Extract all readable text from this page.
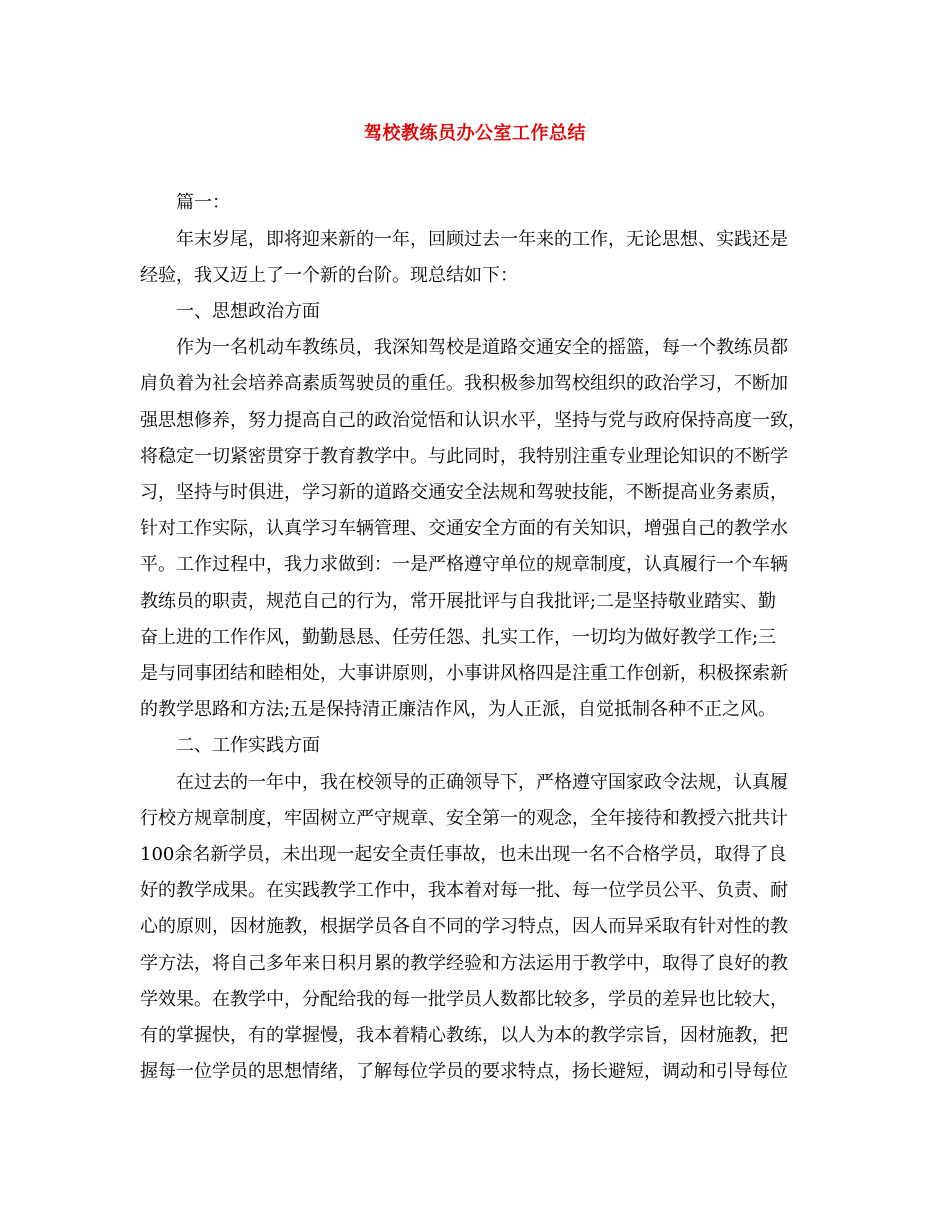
驾校教练员办公室工作总结
篇一：
年末岁尾，即将迎来新的一年，回顾过去一年来的工作，无论思想、实践还是
经验，我又迈上了一个新的台阶。现总结如下：
一、思想政治方面
作为一名机动车教练员，我深知驾校是道路交通安全的摇篮，每一个教练员都
肩负着为社会培养高素质驾驶员的重任。我积极参加驾校组织的政治学习，不断加
强思想修养，努力提高自己的政治觉悟和认识水平，坚持与党与政府保持高度一致，
将稳定一切紧密贯穿于教育教学中。与此同时，我特别注重专业理论知识的不断学
习，坚持与时俱进，学习新的道路交通安全法规和驾驶技能，不断提高业务素质，
针对工作实际，认真学习车辆管理、交通安全方面的有关知识，增强自己的教学水
平。工作过程中，我力求做到：一是严格遵守单位的规章制度，认真履行一个车辆
教练员的职责，规范自己的行为，常开展批评与自我批评;二是坚持敬业踏实、勤
奋上进的工作作风，勤勤恳恳、任劳任怨、扎实工作，一切均为做好教学工作;三
是与同事团结和睦相处，大事讲原则，小事讲风格四是注重工作创新，积极探索新
的教学思路和方法;五是保持清正廉洁作风，为人正派，自觉抵制各种不正之风。
二、工作实践方面
在过去的一年中，我在校领导的正确领导下，严格遵守国家政令法规，认真履
行校方规章制度，牢固树立严守规章、安全第一的观念，全年接待和教授六批共计
100余名新学员，未出现一起安全责任事故，也未出现一名不合格学员，取得了良
好的教学成果。在实践教学工作中，我本着对每一批、每一位学员公平、负责、耐
心的原则，因材施教，根据学员各自不同的学习特点，因人而异采取有针对性的教
学方法，将自己多年来日积月累的教学经验和方法运用于教学中，取得了良好的教
学效果。在教学中，分配给我的每一批学员人数都比较多，学员的差异也比较大，
有的掌握快，有的掌握慢，我本着精心教练，以人为本的教学宗旨，因材施教，把
握每一位学员的思想情绪，了解每位学员的要求特点，扬长避短，调动和引导每位
